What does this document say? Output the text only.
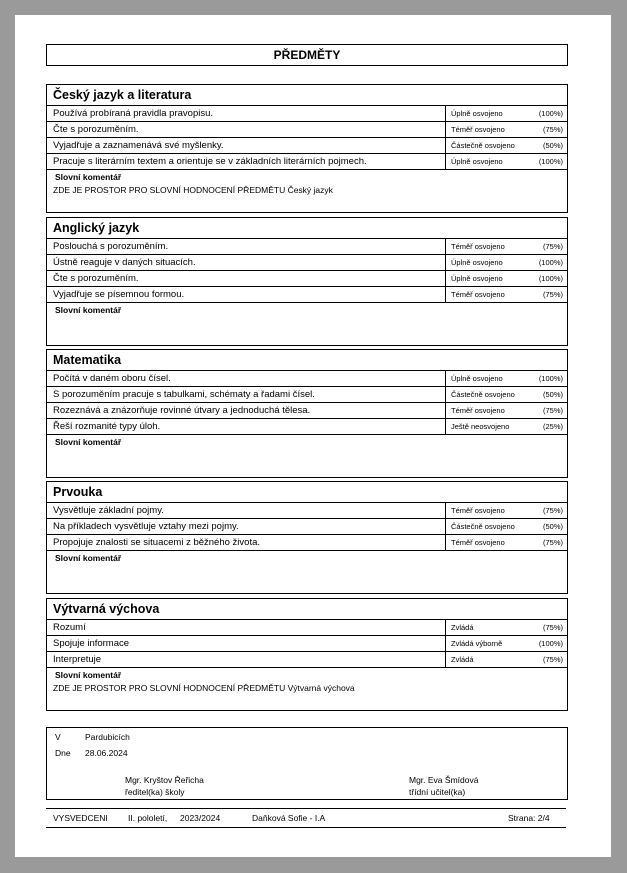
PŘEDMĚTY
Český jazyk a literatura
Používá probíraná pravidla pravopisu.	Úplně osvojeno	(100%)
Čte s porozuměním.	Téměř osvojeno	(75%)
Vyjadřuje a zaznamenává své myšlenky.	Částečně osvojeno	(50%)
Pracuje s literárním textem a orientuje se v základních literárních pojmech.	Úplně osvojeno	(100%)
Slovní komentář
ZDE JE PROSTOR PRO SLOVNÍ HODNOCENÍ PŘEDMĚTU Český jazyk
Anglický jazyk
Poslouchá s porozuměním.	Téměř osvojeno	(75%)
Ústně reaguje v daných situacích.	Úplně osvojeno	(100%)
Čte s porozuměním.	Úplně osvojeno	(100%)
Vyjadřuje se písemnou formou.	Téměř osvojeno	(75%)
Slovní komentář
Matematika
Počítá v daném oboru čísel.	Úplně osvojeno	(100%)
S porozuměním pracuje s tabulkami, schématy a řadami čísel.	Částečně osvojeno	(50%)
Rozeznává a znázorňuje rovinné útvary a jednoduchá tělesa.	Téměř osvojeno	(75%)
Řeší rozmanité typy úloh.	Ještě neosvojeno	(25%)
Slovní komentář
Prvouka
Vysvětluje základní pojmy.	Téměř osvojeno	(75%)
Na příkladech vysvětluje vztahy mezi pojmy.	Částečně osvojeno	(50%)
Propojuje znalosti se situacemi z běžného života.	Téměř osvojeno	(75%)
Slovní komentář
Výtvarná výchova
Rozumí	Zvládá	(75%)
Spojuje informace	Zvládá výborně	(100%)
Interpretuje	Zvládá	(75%)
Slovní komentář
ZDE JE PROSTOR PRO SLOVNÍ HODNOCENÍ PŘEDMĚTU Výtvarná výchova
V	Pardubicích
Dne 28.06.2024
Mgr. Kryštov Řeřicha
ředitel(ka) školy
Mgr. Eva Šmídová
třídní učitel(ka)
VYSVEDCENI II. pololetí, 2023/2024	Daňková Sofie - I.A	Strana: 2/4
